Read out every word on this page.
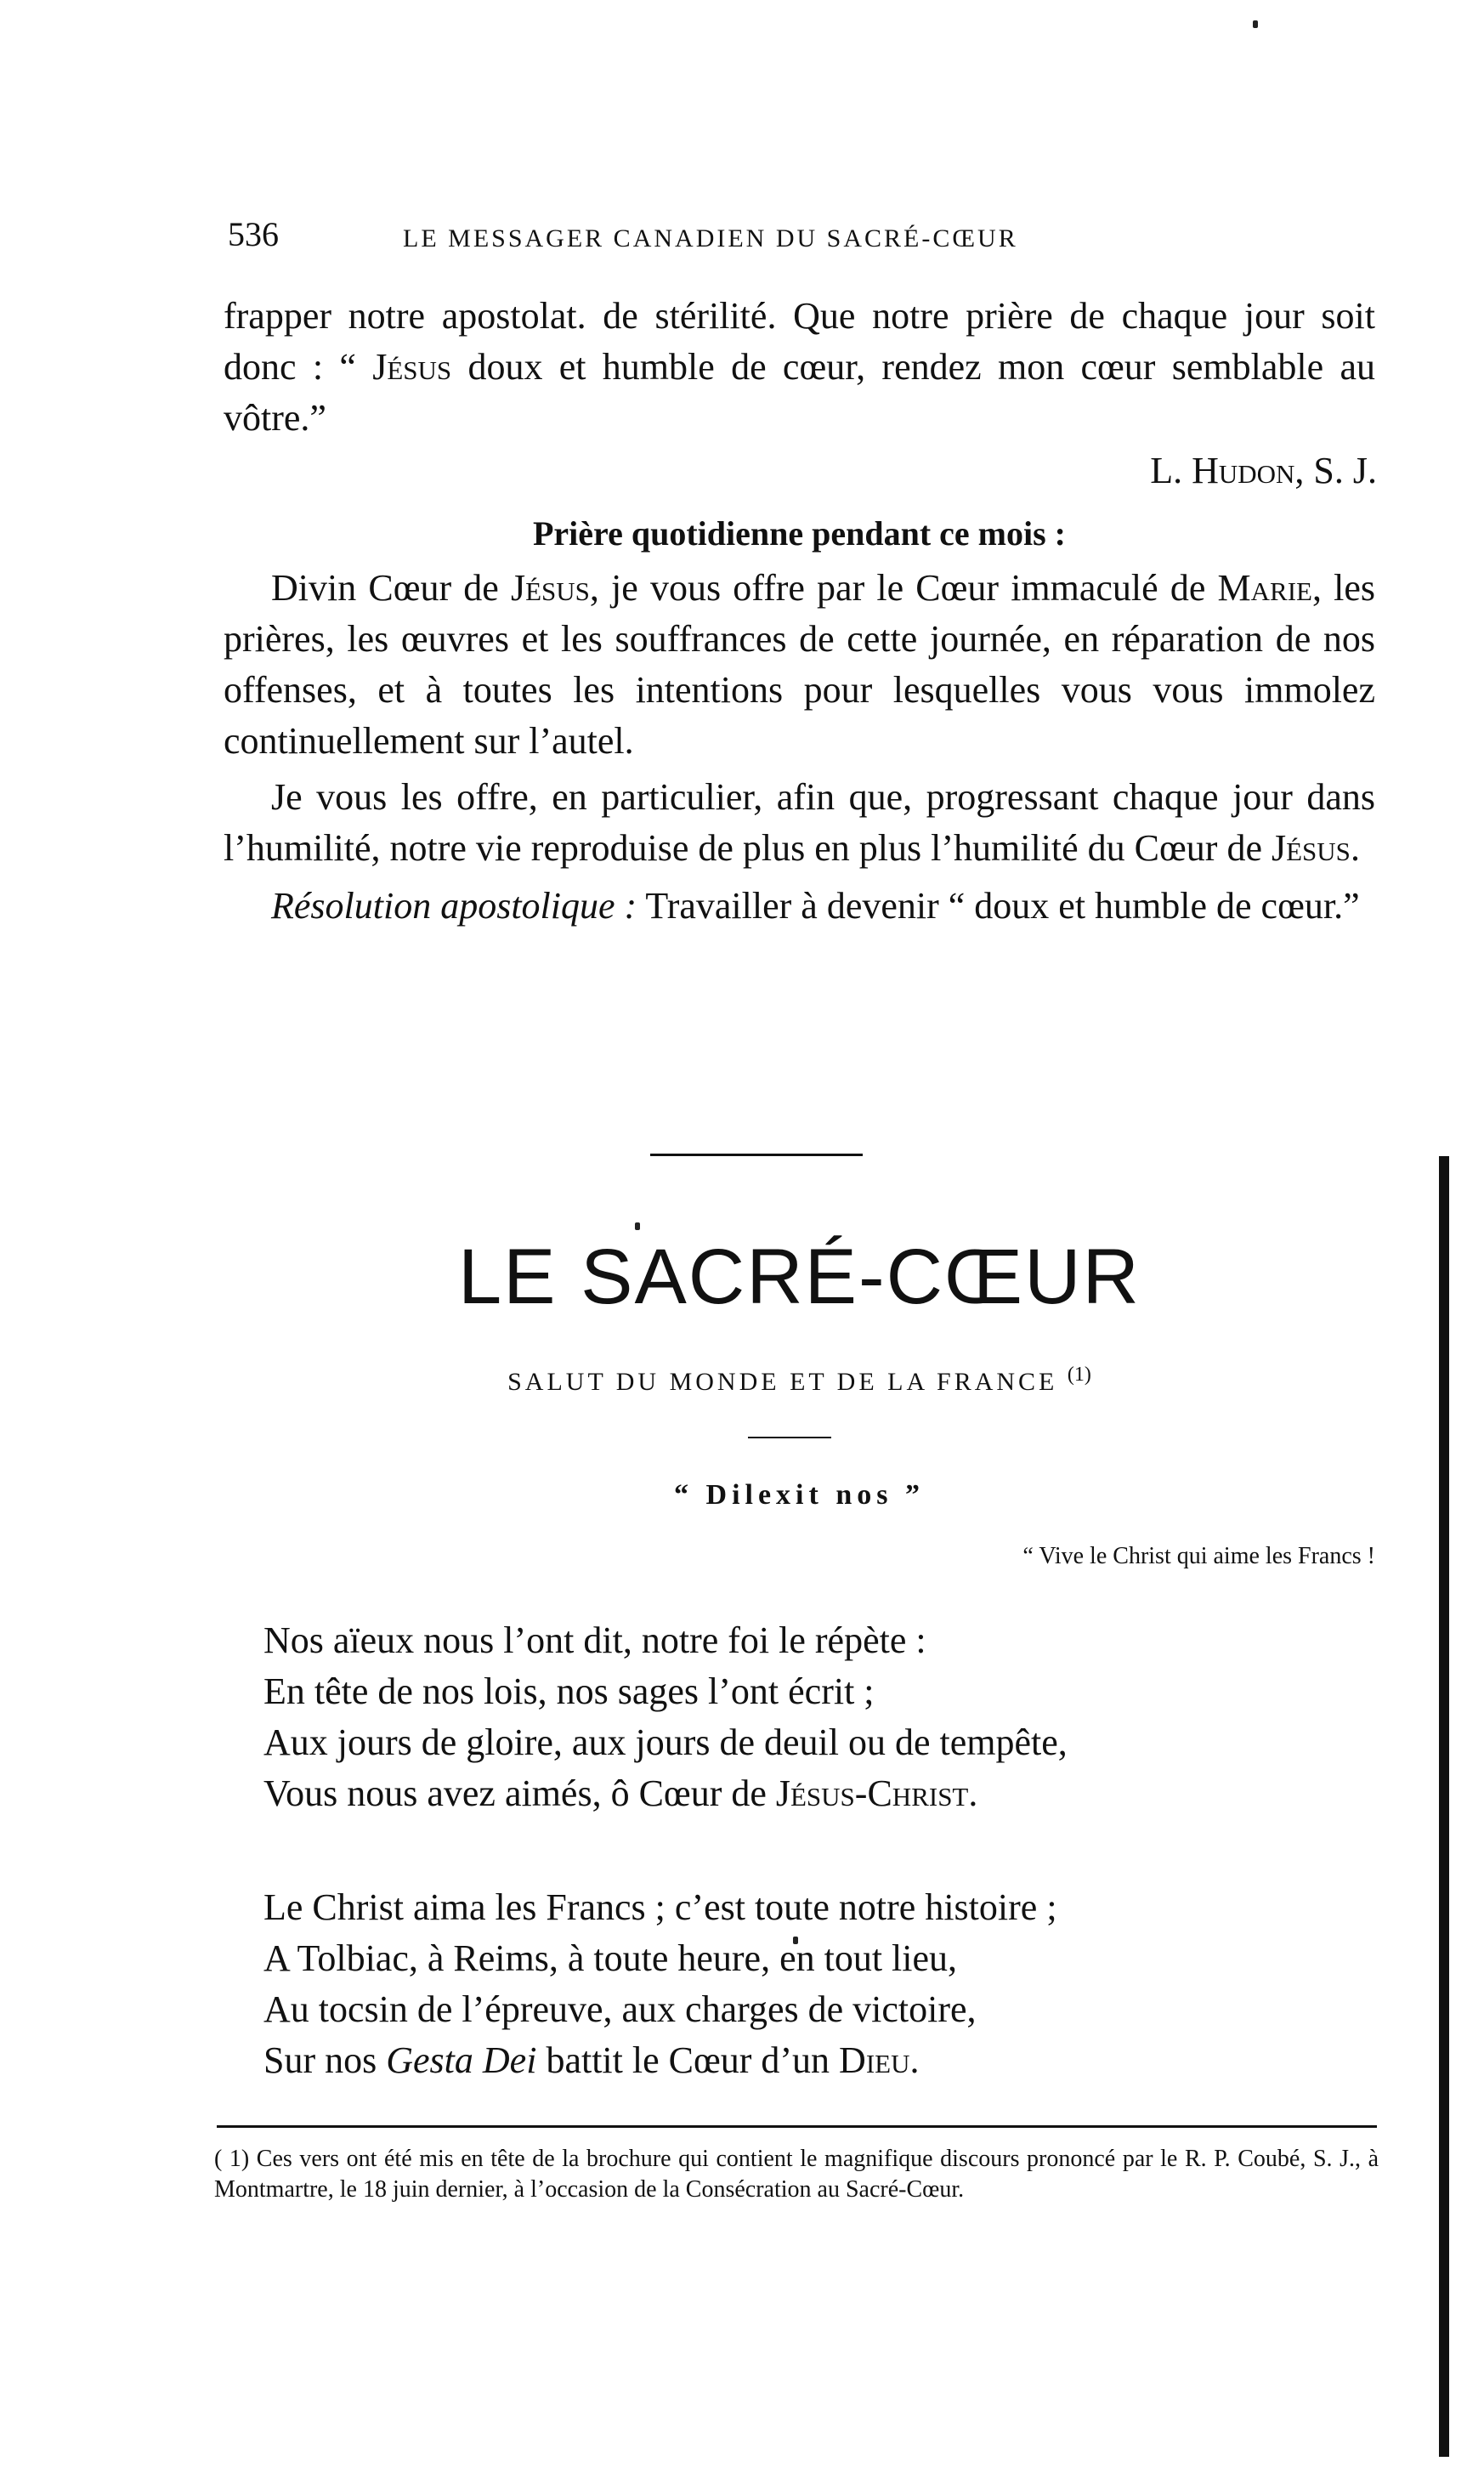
536	LE MESSAGER CANADIEN DU SACRÉ-CŒUR

frapper notre apostolat. de stérilité. Que notre prière de chaque jour soit donc : “ Jésus doux et humble de cœur, rendez mon cœur semblable au vôtre.”

L. Hudon, S. J.
Prière quotidienne pendant ce mois :

Divin Cœur de Jésus, je vous offre par le Cœur immaculé de Marie, les prières, les œuvres et les souffrances de cette journée, en réparation de nos offenses, et à toutes les intentions pour lesquelles vous vous immolez continuellement sur l’autel.

Je vous les offre, en particulier, afin que, progressant chaque jour dans l’humilité, notre vie reproduise de plus en plus l’humilité du Cœur de Jésus.

Résolution apostolique : Travailler à devenir “ doux et humble de cœur.”

LE SACRÉ-CŒUR
SALUT DU MONDE ET DE LA FRANCE $^{(1)}$
“ Dilexit nos ”
“ Vive le Christ qui aime les Francs !
Nos aïeux nous l’ont dit, notre foi le répète :
En tête de nos lois, nos sages l’ont écrit ;
Aux jours de gloire, aux jours de deuil ou de tempête,
Vous nous avez aimés, ô Cœur de Jésus-Christ.
Le Christ aima les Francs ; c’est toute notre histoire ;
A Tolbiac, à Reims, à toute heure, en tout lieu,
Au tocsin de l’épreuve, aux charges de victoire,
Sur nos Gesta Dei battit le Cœur d’un Dieu.
( 1) Ces vers ont été mis en tête de la brochure qui contient le magnifique discours prononcé par le R. P. Coubé, S. J., à Montmartre, le 18 juin dernier, à l’occasion de la Consécration au Sacré-Cœur.
